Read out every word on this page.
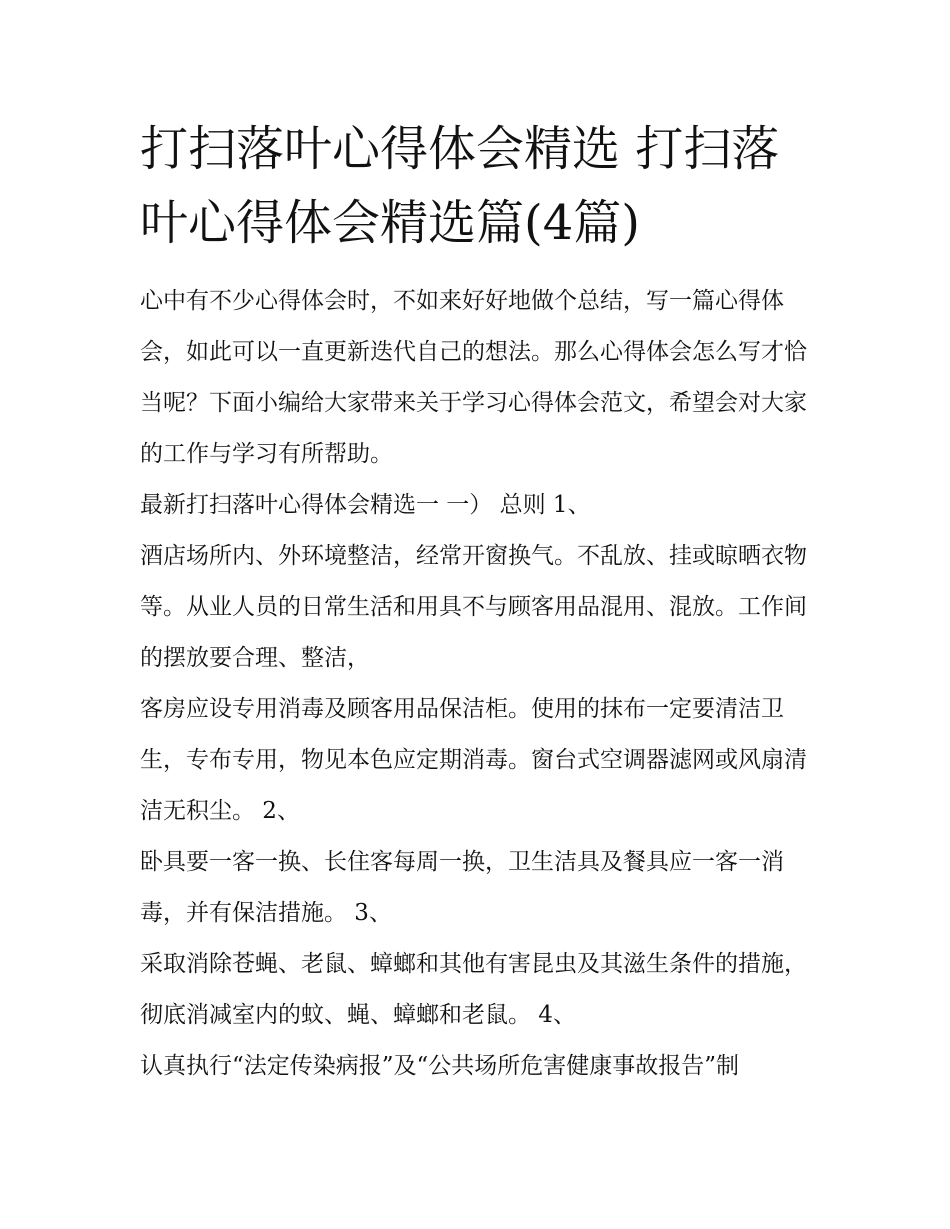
打扫落叶心得体会精选 打扫落叶心得体会精选篇(4篇)

心中有不少心得体会时，不如来好好地做个总结，写一篇心得体会，如此可以一直更新迭代自己的想法。那么心得体会怎么写才恰当呢？下面小编给大家带来关于学习心得体会范文，希望会对大家的工作与学习有所帮助。

最新打扫落叶心得体会精选一 一） 总则 1、

酒店场所内、外环境整洁，经常开窗换气。不乱放、挂或晾晒衣物等。从业人员的日常生活和用具不与顾客用品混用、混放。工作间的摆放要合理、整洁，

客房应设专用消毒及顾客用品保洁柜。使用的抹布一定要清洁卫生，专布专用，物见本色应定期消毒。窗台式空调器滤网或风扇清洁无积尘。 2、

卧具要一客一换、长住客每周一换，卫生洁具及餐具应一客一消毒，并有保洁措施。 3、

采取消除苍蝇、老鼠、蟑螂和其他有害昆虫及其滋生条件的措施，彻底消减室内的蚊、蝇、蟑螂和老鼠。 4、

认真执行“法定传染病报”及“公共场所危害健康事故报告”制
